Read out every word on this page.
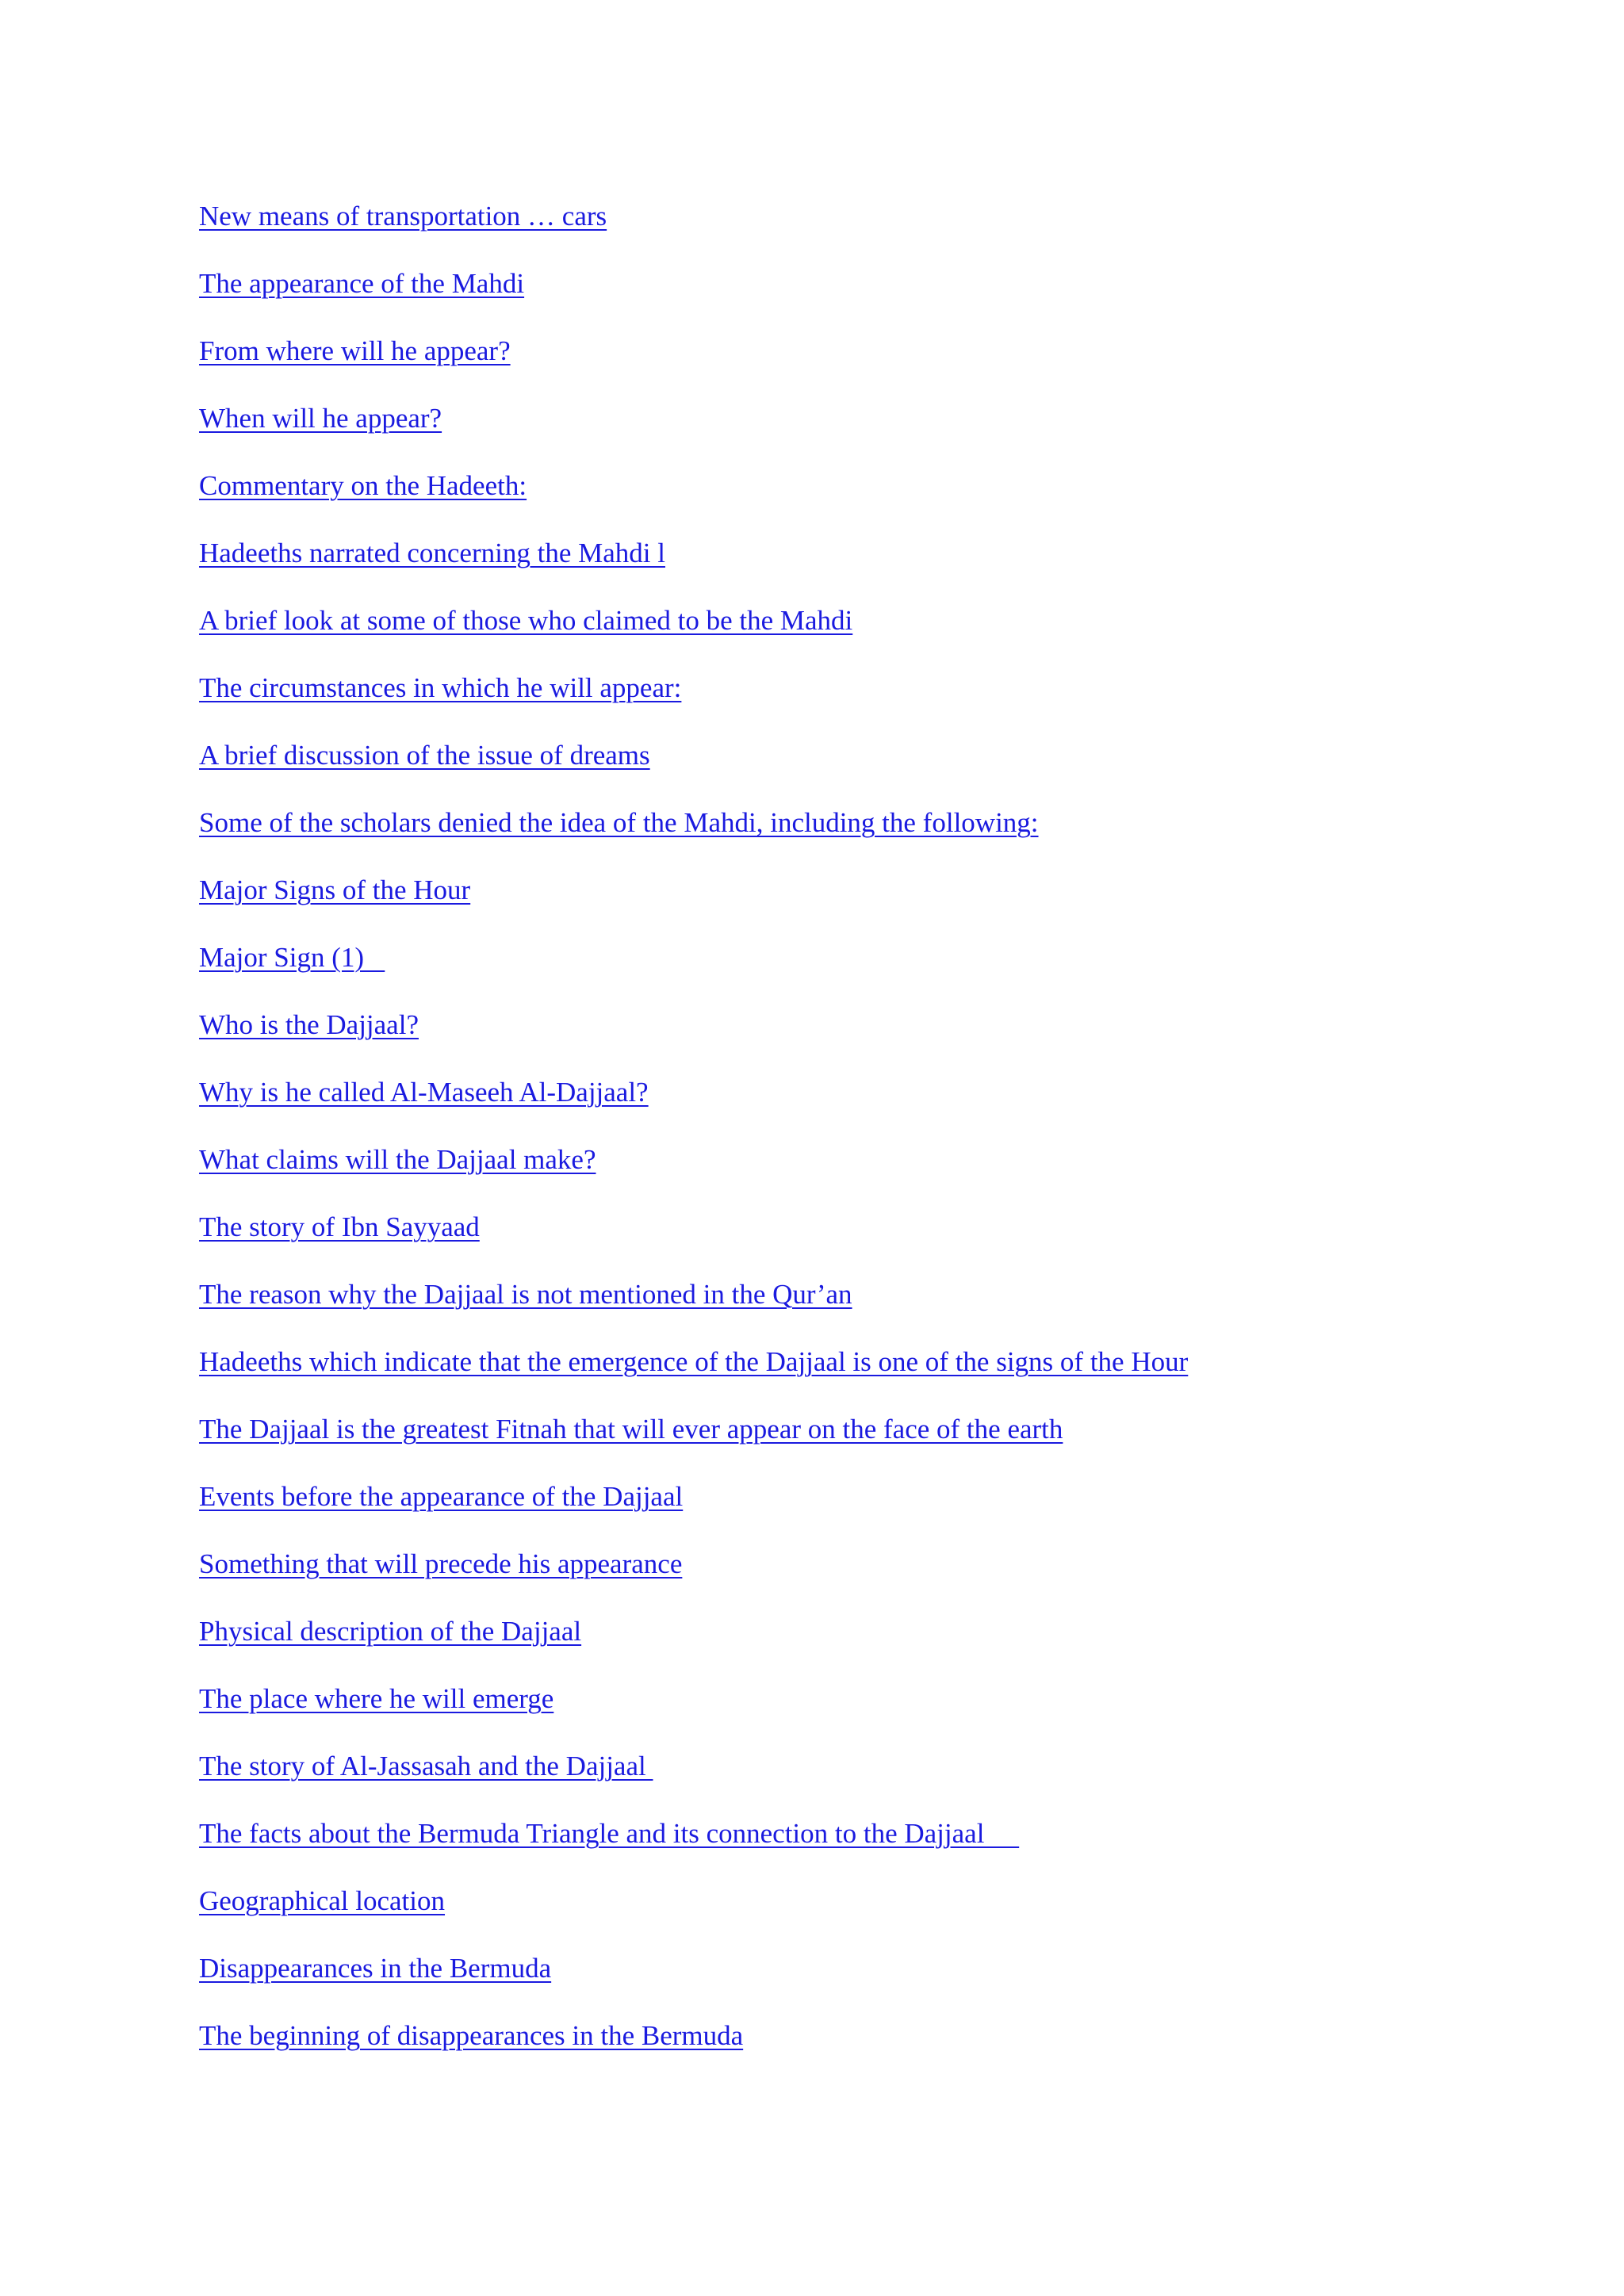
New means of transportation … cars
The appearance of the Mahdi
From where will he appear?
When will he appear?
Commentary on the Hadeeth:
Hadeeths narrated concerning the Mahdi l
A brief look at some of those who claimed to be the Mahdi
The circumstances in which he will appear:
A brief discussion of the issue of dreams
Some of the scholars denied the idea of the Mahdi, including the following:
Major Signs of the Hour
Major Sign (1)
Who is the Dajjaal?
Why is he called Al-Maseeh Al-Dajjaal?
What claims will the Dajjaal make?
The story of Ibn Sayyaad
The reason why the Dajjaal is not mentioned in the Qur’an
Hadeeths which indicate that the emergence of the Dajjaal is one of the signs of the Hour
The Dajjaal is the greatest Fitnah that will ever appear on the face of the earth
Events before the appearance of the Dajjaal
Something that will precede his appearance
Physical description of the Dajjaal
The place where he will emerge
The story of Al-Jassasah and the Dajjaal
The facts about the Bermuda Triangle and its connection to the Dajjaal
Geographical location
Disappearances in the Bermuda
The beginning of disappearances in the Bermuda
